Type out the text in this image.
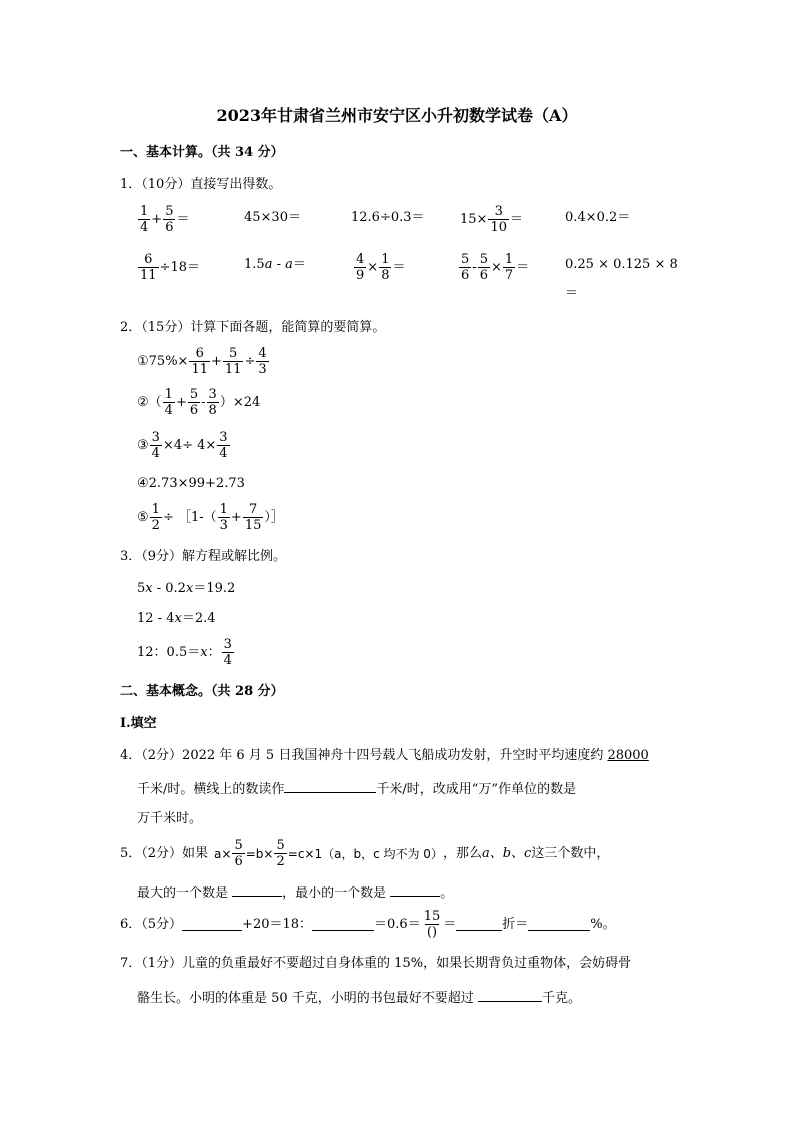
2023年甘肃省兰州市安宁区小升初数学试卷（A）
一、基本计算。（共 34 分）
1．（10分）直接写出得数。
$\frac{1}{4} + \frac{5}{6}$ ＝	45×30＝	12.6÷0.3＝	$15\times \frac{3}{10}$ ＝	0.4×0.2＝
$\frac{6}{11} \div 18=$	1.5a - a＝	$\frac{4}{9} \times \frac{1}{8}$ ＝	$\frac{5}{6} - \frac{5}{6} \times \frac{1}{7}$ ＝	0.25 × 0.125 × 8
＝
2．（15分）计算下面各题，能简算的要简算。
① $75\%\times \frac{6}{11} + \frac{5}{11} \div \frac{4}{3}$
② （ $\frac{1}{4} + \frac{5}{6} - \frac{3}{8} )\times 24$
③ $\frac{3}{4} \times 4\div 4\times \frac{3}{4}$
④2.73×99+2.73
⑤ $\frac{1}{2}$ ÷ ［1-（ $\frac{1}{3} + \frac{7}{15}$ ）］
3．（9分）解方程或解比例。
5x - 0.2x＝19.2
12 - 4x＝2.4
12：0.5＝ x ： $\frac{3}{4}$
二、基本概念。（共 28 分）
Ⅰ.填空
4．（2分）2022 年 6 月 5 日我国神舟十四号载人飞船成功发射，升空时平均速度约 28000
千米/时。横线上的数读作	千米/时，改成用“万”作单位的数是
万千米时。
5．（2分）如果 $a\times \frac{5}{6} =b\times \frac{5}{2} =c\times 1(a$，b，c 均不为 0） ，那么 a、b、c 这三个数中，
最大的一个数是	，最小的一个数是	。
6．（5分）	+20＝18：	$=0.6= \frac{15}{()}$ ＝	折＝	%。
7．（1分）儿童的负重最好不要超过自身体重的 15%，如果长期背负过重物体，会妨碍骨
骼生长。小明的体重是 50 千克，小明的书包最好不要超过	千克。
